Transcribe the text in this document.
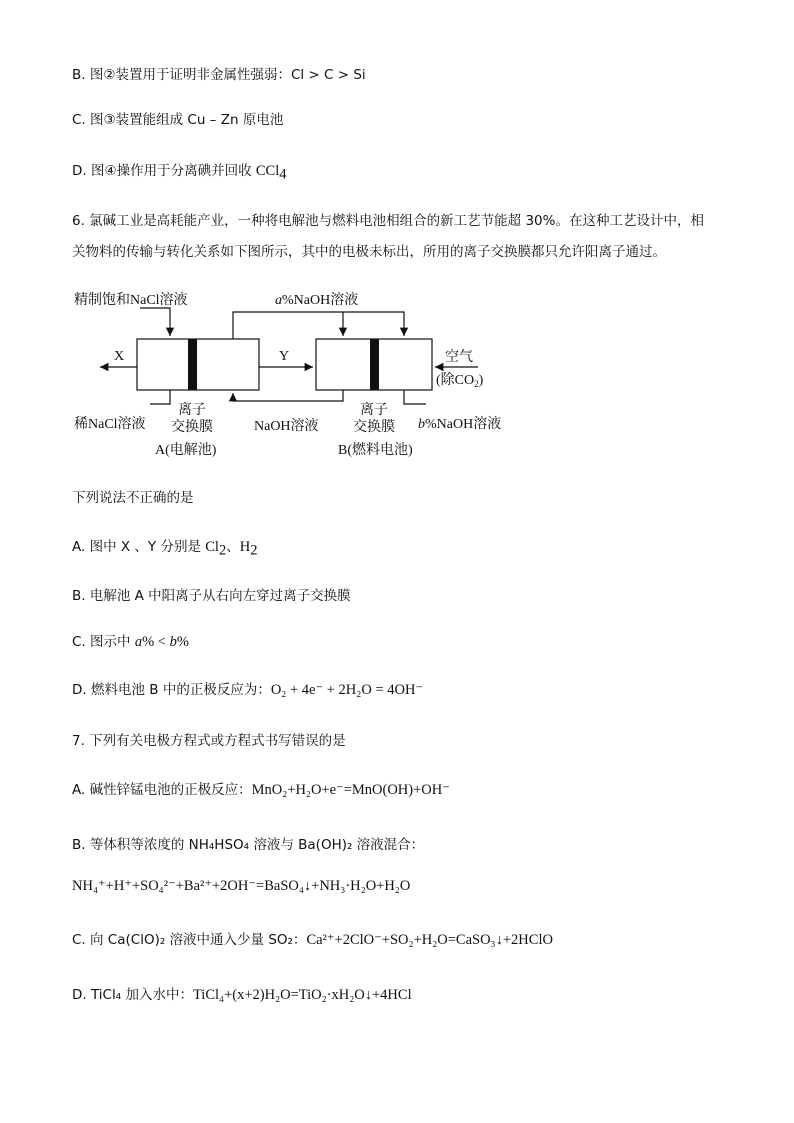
B. 图②装置用于证明非金属性强弱：Cl > C > Si
C. 图③装置能组成 Cu – Zn 原电池
D. 图④操作用于分离碘并回收 CCl$_4$
6. 氯碱工业是高耗能产业，一种将电解池与燃料电池相组合的新工艺节能超 30%。在这种工艺设计中，相
关物料的传输与转化关系如下图所示，其中的电极未标出，所用的离子交换膜都只允许阳离子通过。
精制饱和NaCl溶液	a%NaOH溶液
X	Y	空气
(除$CO_2$)
稀NaCl溶液
离子
交换膜	NaOH溶液
离子
交换膜 b%NaOH溶液
A(电解池)	B(燃料电池)
下列说法不正确的是
A. 图中 X 、Y 分别是 $Cl_2$、$H_2$
B. 电解池 A 中阳离子从右向左穿过离子交换膜
C. 图示中 a% < b%
D. 燃料电池 B 中的正极反应为：O₂ + 4e⁻ + 2H₂O = 4OH⁻
7. 下列有关电极方程式或方程式书写错误的是
A. 碱性锌锰电池的正极反应：MnO₂+H₂O+e⁻=MnO(OH)+OH⁻
B. 等体积等浓度的 NH₄HSO₄ 溶液与 Ba(OH)₂ 溶液混合：
NH₄⁺+H⁺+SO₄²⁻+Ba²⁺+2OH⁻=BaSO₄↓+NH₃·H₂O+H₂O
C. 向 Ca(ClO)₂ 溶液中通入少量 SO₂：Ca²⁺+2ClO⁻+SO₂+H₂O=CaSO₃↓+2HClO
D. TiCl₄ 加入水中：TiCl₄+(x+2)H₂O=TiO₂·xH₂O↓+4HCl
